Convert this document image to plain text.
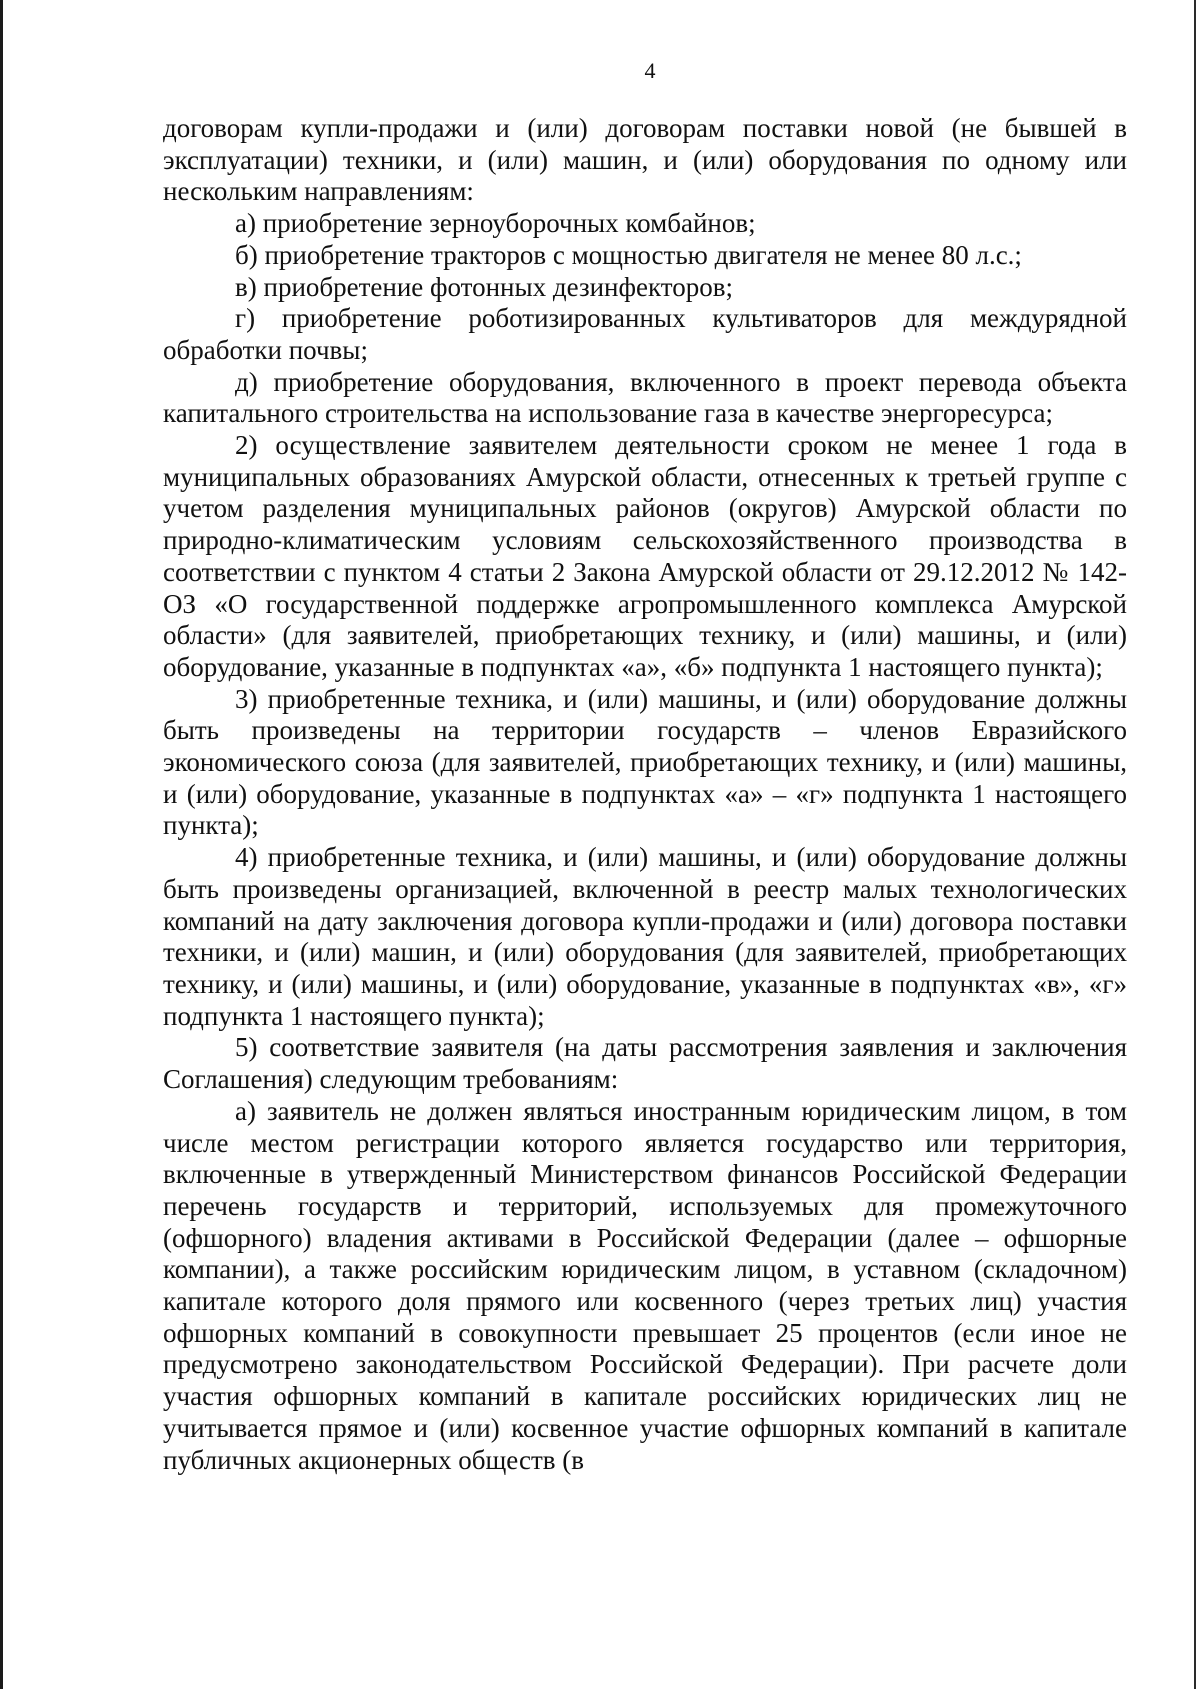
4

договорам купли-продажи и (или) договорам поставки новой (не бывшей в эксплуатации) техники, и (или) машин, и (или) оборудования по одному или нескольким направлениям:

а) приобретение зерноуборочных комбайнов;

б) приобретение тракторов с мощностью двигателя не менее 80 л.с.;

в) приобретение фотонных дезинфекторов;

г) приобретение роботизированных культиваторов для междурядной обработки почвы;

д) приобретение оборудования, включенного в проект перевода объекта капитального строительства на использование газа в качестве энергоресурса;

2) осуществление заявителем деятельности сроком не менее 1 года в муниципальных образованиях Амурской области, отнесенных к третьей группе с учетом разделения муниципальных районов (округов) Амурской области по природно-климатическим условиям сельскохозяйственного производства в соответствии с пунктом 4 статьи 2 Закона Амурской области от 29.12.2012 № 142-ОЗ «О государственной поддержке агропромышленного комплекса Амурской области» (для заявителей, приобретающих технику, и (или) машины, и (или) оборудование, указанные в подпунктах «а», «б» подпункта 1 настоящего пункта);

3) приобретенные техника, и (или) машины, и (или) оборудование должны быть произведены на территории государств – членов Евразийского экономического союза (для заявителей, приобретающих технику, и (или) машины, и (или) оборудование, указанные в подпунктах «а» – «г» подпункта 1 настоящего пункта);

4) приобретенные техника, и (или) машины, и (или) оборудование должны быть произведены организацией, включенной в реестр малых технологических компаний на дату заключения договора купли-продажи и (или) договора поставки техники, и (или) машин, и (или) оборудования (для заявителей, приобретающих технику, и (или) машины, и (или) оборудование, указанные в подпунктах «в», «г» подпункта 1 настоящего пункта);

5) соответствие заявителя (на даты рассмотрения заявления и заключения Соглашения) следующим требованиям:

а) заявитель не должен являться иностранным юридическим лицом, в том числе местом регистрации которого является государство или территория, включенные в утвержденный Министерством финансов Российской Федерации перечень государств и территорий, используемых для промежуточного (офшорного) владения активами в Российской Федерации (далее – офшорные компании), а также российским юридическим лицом, в уставном (складочном) капитале которого доля прямого или косвенного (через третьих лиц) участия офшорных компаний в совокупности превышает 25 процентов (если иное не предусмотрено законодательством Российской Федерации). При расчете доли участия офшорных компаний в капитале российских юридических лиц не учитывается прямое и (или) косвенное участие офшорных компаний в капитале публичных акционерных обществ (в
